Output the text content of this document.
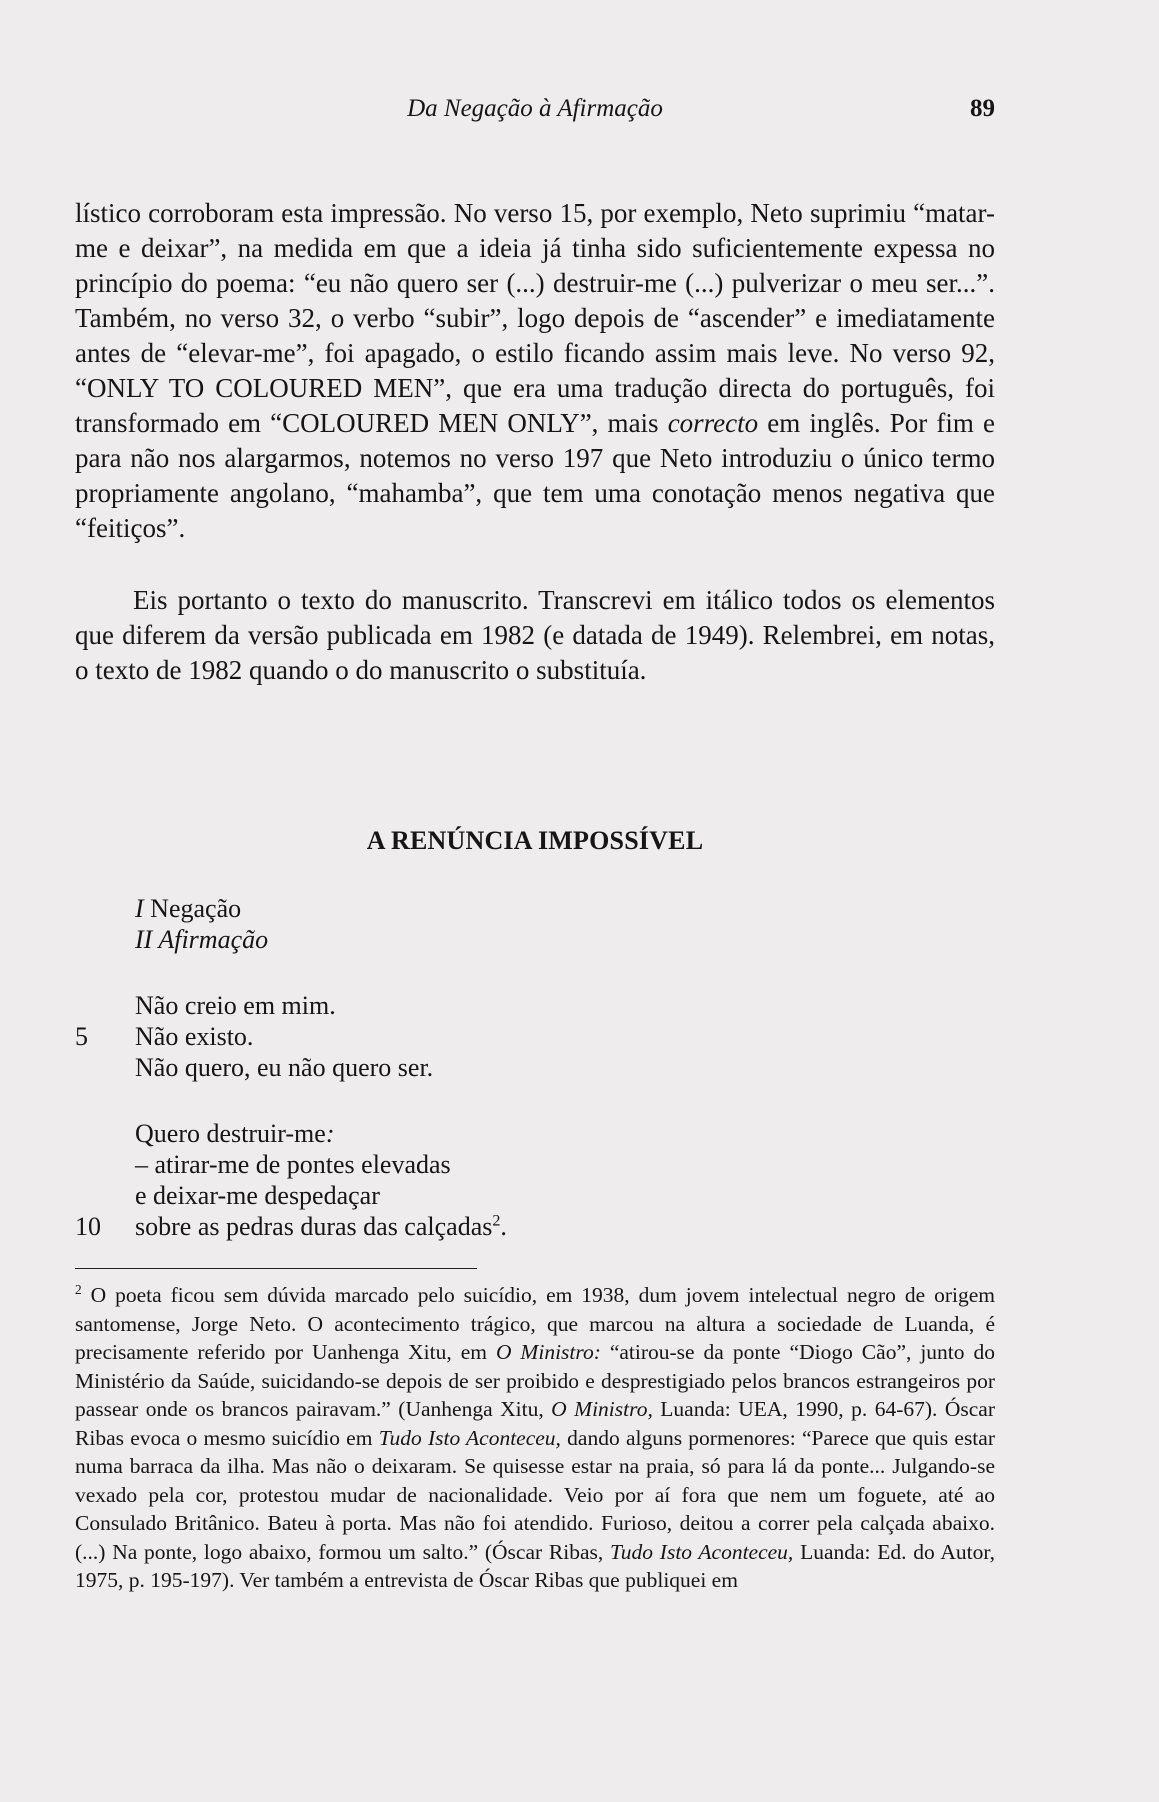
Da Negação à Afirmação	89
lístico corroboram esta impressão. No verso 15, por exemplo, Neto suprimiu “matar-me e deixar”, na medida em que a ideia já tinha sido suficientemente expessa no princípio do poema: “eu não quero ser (...) destruir-me (...) pulverizar o meu ser...”. Também, no verso 32, o verbo “subir”, logo depois de “ascender” e imediatamente antes de “elevar-me”, foi apagado, o estilo ficando assim mais leve. No verso 92, “ONLY TO COLOURED MEN”, que era uma tradução directa do português, foi transformado em “COLOURED MEN ONLY”, mais correcto em inglês. Por fim e para não nos alargarmos, notemos no verso 197 que Neto introduziu o único termo propriamente angolano, “mahamba”, que tem uma conotação menos negativa que “feitiços”.
Eis portanto o texto do manuscrito. Transcrevi em itálico todos os elementos que diferem da versão publicada em 1982 (e datada de 1949). Relembrei, em notas, o texto de 1982 quando o do manuscrito o substituía.
A RENÚNCIA IMPOSSÍVEL
I Negação
II Afirmação
Não creio em mim.
5	Não existo.
Não quero, eu não quero ser.
Quero destruir-me:
– atirar-me de pontes elevadas
e deixar-me despedaçar
10	sobre as pedras duras das calçadas$^2$.
$^2$ O poeta ficou sem dúvida marcado pelo suicídio, em 1938, dum jovem intelectual negro de origem santomense, Jorge Neto. O acontecimento trágico, que marcou na altura a sociedade de Luanda, é precisamente referido por Uanhenga Xitu, em O Ministro: “atirou-se da ponte “Diogo Cão”, junto do Ministério da Saúde, suicidando-se depois de ser proibido e desprestigiado pelos brancos estrangeiros por passear onde os brancos pairavam.” (Uanhenga Xitu, O Ministro, Luanda: UEA, 1990, p. 64-67). Óscar Ribas evoca o mesmo suicídio em Tudo Isto Aconteceu, dando alguns pormenores: “Parece que quis estar numa barraca da ilha. Mas não o deixaram. Se quisesse estar na praia, só para lá da ponte... Julgando-se vexado pela cor, protestou mudar de nacionalidade. Veio por aí fora que nem um foguete, até ao Consulado Britânico. Bateu à porta. Mas não foi atendido. Furioso, deitou a correr pela calçada abaixo. (...) Na ponte, logo abaixo, formou um salto.” (Óscar Ribas, Tudo Isto Aconteceu, Luanda: Ed. do Autor, 1975, p. 195-197). Ver também a entrevista de Óscar Ribas que publiquei em
